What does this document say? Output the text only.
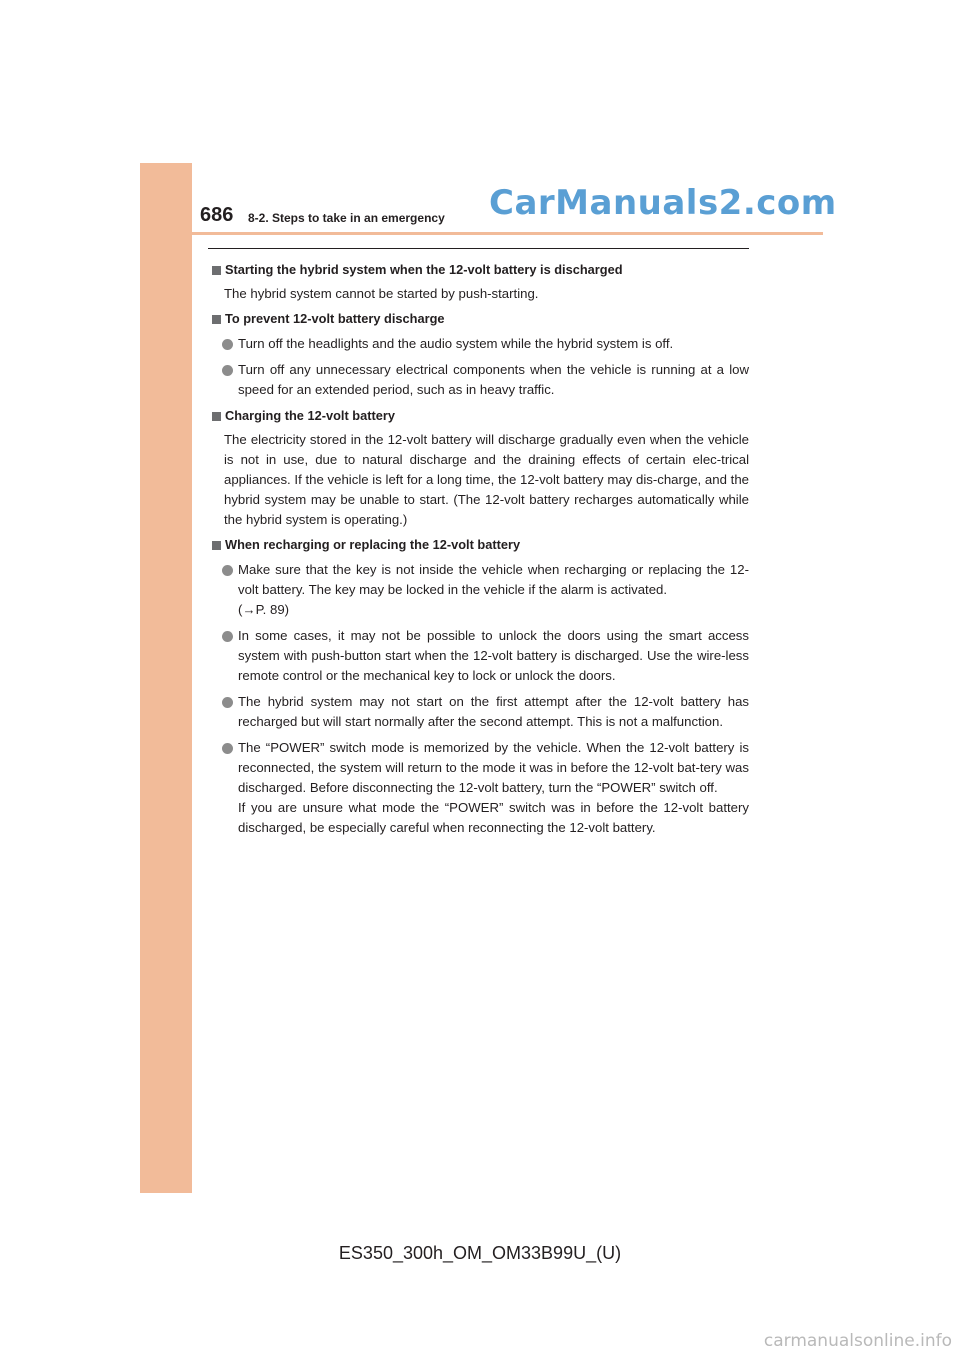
686 8-2. Steps to take in an emergency CarManuals2.com
Starting the hybrid system when the 12-volt battery is discharged
The hybrid system cannot be started by push-starting.
To prevent 12-volt battery discharge
Turn off the headlights and the audio system while the hybrid system is off.
Turn off any unnecessary electrical components when the vehicle is running at a low speed for an extended period, such as in heavy traffic.
Charging the 12-volt battery
The electricity stored in the 12-volt battery will discharge gradually even when the vehicle is not in use, due to natural discharge and the draining effects of certain elec-trical appliances. If the vehicle is left for a long time, the 12-volt battery may dis-charge, and the hybrid system may be unable to start. (The 12-volt battery recharges automatically while the hybrid system is operating.)
When recharging or replacing the 12-volt battery
Make sure that the key is not inside the vehicle when recharging or replacing the 12-volt battery. The key may be locked in the vehicle if the alarm is activated.
(→P. 89)
In some cases, it may not be possible to unlock the doors using the smart access system with push-button start when the 12-volt battery is discharged. Use the wire-less remote control or the mechanical key to lock or unlock the doors.
The hybrid system may not start on the first attempt after the 12-volt battery has recharged but will start normally after the second attempt. This is not a malfunction.
The “POWER” switch mode is memorized by the vehicle. When the 12-volt battery is reconnected, the system will return to the mode it was in before the 12-volt bat-tery was discharged. Before disconnecting the 12-volt battery, turn the “POWER” switch off.
If you are unsure what mode the “POWER” switch was in before the 12-volt battery discharged, be especially careful when reconnecting the 12-volt battery.
ES350_300h_OM_OM33B99U_(U)
carmanualsonline.info
